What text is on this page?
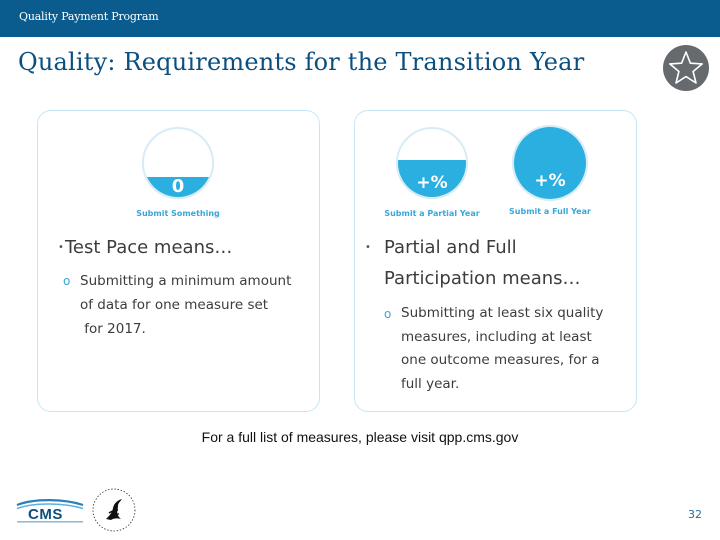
Quality Payment Program
Quality: Requirements for the Transition Year
0
Submit Something
• Test Pace means…
o Submitting a minimum amount
of data for one measure set
for 2017.
+%
Submit a Partial Year
+%
Submit a Full Year
• Partial and Full
Participation means…
o Submitting at least six quality
measures, including at least
one outcome measures, for a
full year.
For a full list of measures, please visit qpp.cms.gov
CMS	32
